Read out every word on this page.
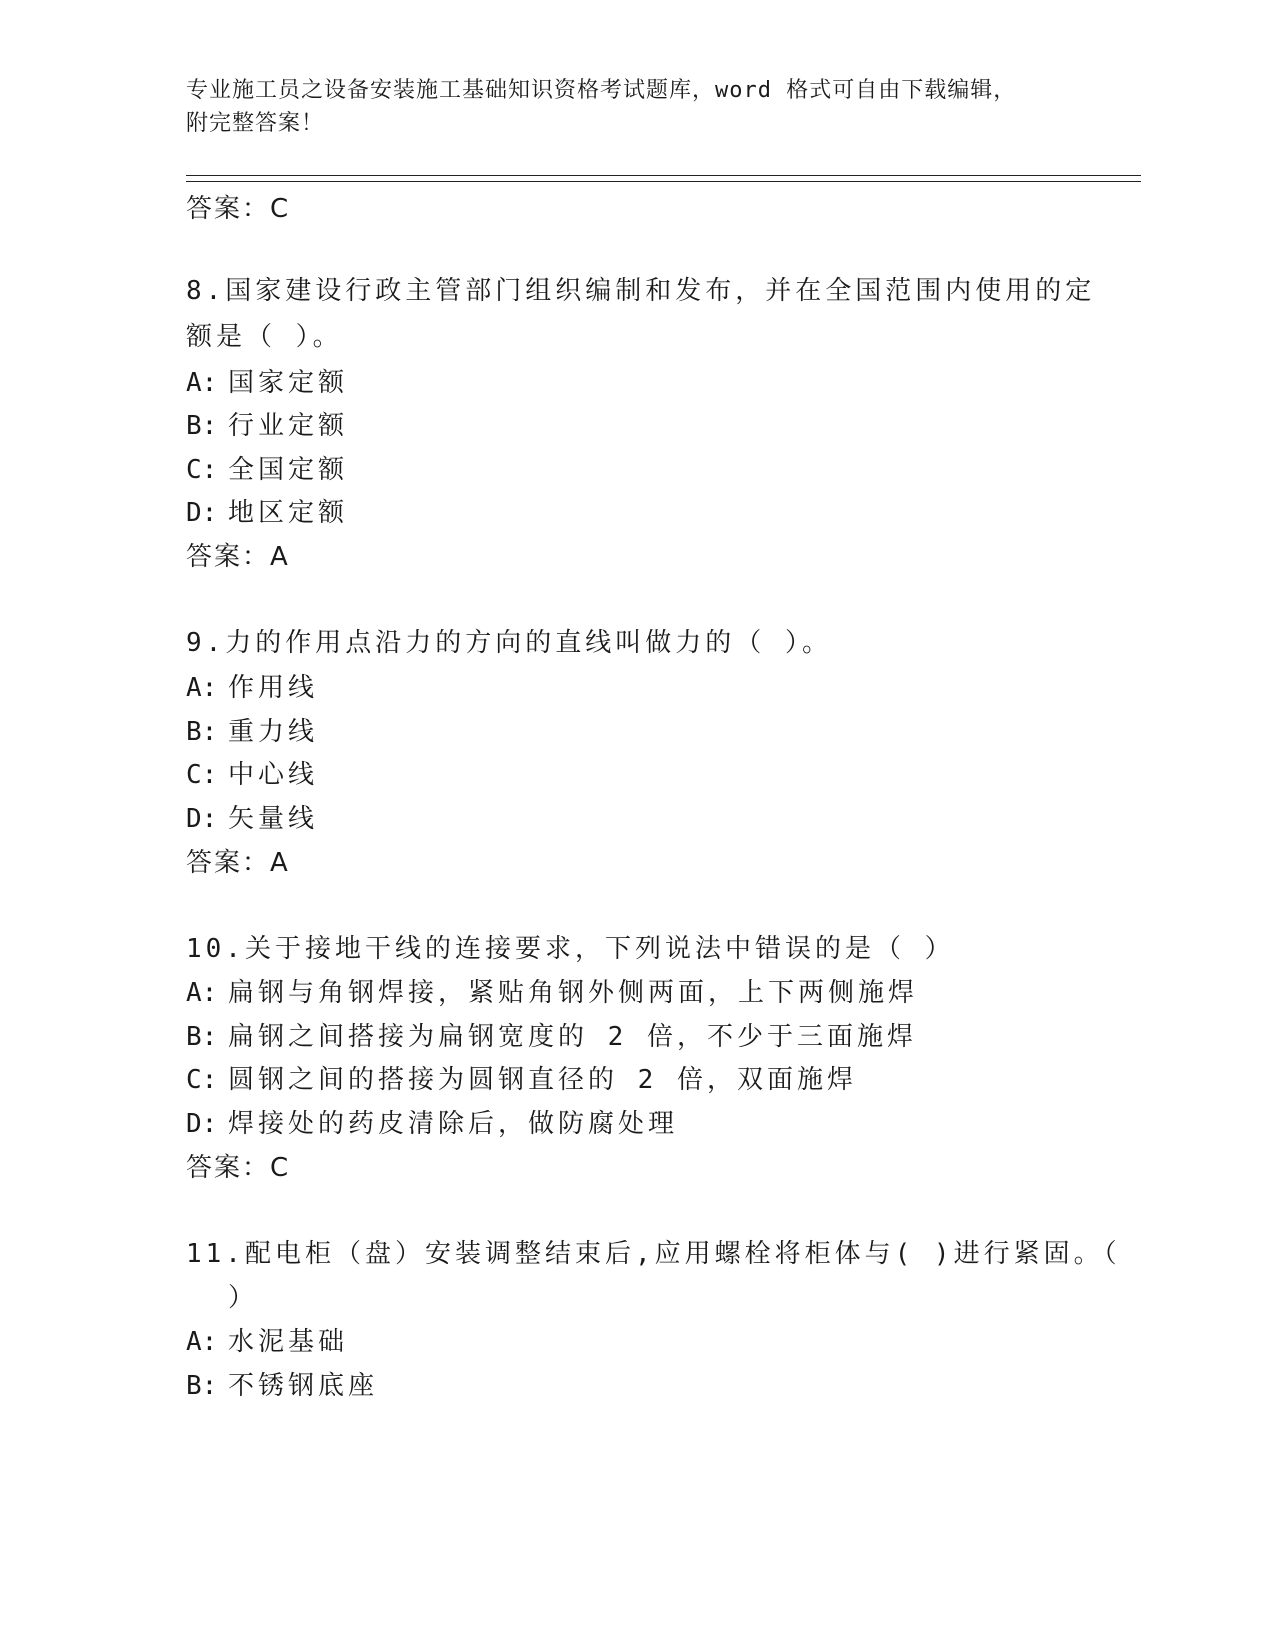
专业施工员之设备安装施工基础知识资格考试题库，word 格式可自由下载编辑，
附完整答案！
答案：C
8.国家建设行政主管部门组织编制和发布，并在全国范围内使用的定
额是（ ）。
A: 国家定额
B: 行业定额
C: 全国定额
D: 地区定额
答案：A
9.力的作用点沿力的方向的直线叫做力的（ ）。
A: 作用线
B: 重力线
C: 中心线
D: 矢量线
答案：A
10.关于接地干线的连接要求，下列说法中错误的是（ ）
A: 扁钢与角钢焊接，紧贴角钢外侧两面，上下两侧施焊
B: 扁钢之间搭接为扁钢宽度的 2 倍，不少于三面施焊
C: 圆钢之间的搭接为圆钢直径的 2 倍，双面施焊
D: 焊接处的药皮清除后，做防腐处理
答案：C
11.配电柜（盘）安装调整结束后,应用螺栓将柜体与( )进行紧固。（
）
A: 水泥基础
B: 不锈钢底座
